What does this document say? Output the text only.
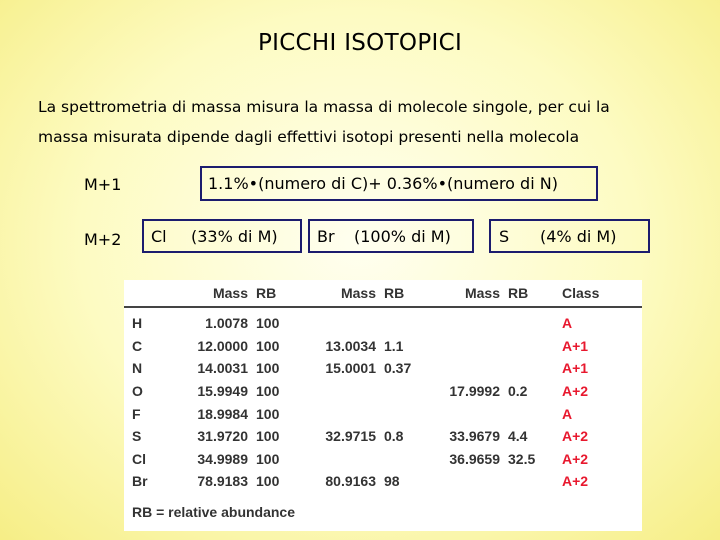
PICCHI ISOTOPICI
La spettrometria di massa misura la massa di molecole singole, per cui la
massa misurata dipende dagli effettivi isotopi presenti nella molecola
M+1	1.1%•(numero di C)+ 0.36%•(numero di N)
M+2 Cl (33% di M) Br (100% di M)	S (4% di M)
	Mass	RB	Mass	RB	Mass	RB	Class
H	1.0078	100					A
C	12.0000	100	13.0034	1.1			A+1
N	14.0031	100	15.0001	0.37			A+1
O	15.9949	100			17.9992	0.2	A+2
F	18.9984	100					A
S	31.9720	100	32.9715	0.8	33.9679	4.4	A+2
Cl	34.9989	100			36.9659	32.5	A+2
Br	78.9183	100	80.9163	98			A+2
RB = relative abundance							
